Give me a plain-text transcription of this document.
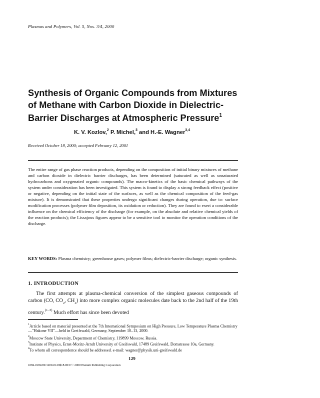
Plasmas and Polymers, Vol. 5, Nos. 3/4, 2000
Synthesis of Organic Compounds from Mixtures of Methane with Carbon Dioxide in Dielectric-Barrier Discharges at Atmospheric Pressure$^1$
K. V. Kozlov,$^2$ P. Michel,$^3$ and H.-E. Wagner$^{3,4}$
Received October 18, 2000; accepted February 12, 2001
The entire range of gas phase reaction products, depending on the composition of initial binary mixtures of methane and carbon dioxide in dielectric barrier discharges, has been determined (saturated as well as unsaturated hydrocarbons and oxygenated organic compounds). The macro-kinetics of the basic chemical pathways of the system under consideration has been investigated. This system is found to display a strong feedback effect (positive or negative, depending on the initial state of the surfaces, as well as the chemical composition of the feed-gas mixture). It is demonstrated that these properties undergo significant changes during operation, due to: surface modification processes (polymer film deposition, its oxidation or reduction). They are found to exert a considerable influence on the chemical efficiency of the discharge (for example, on the absolute and relative chemical yields of the reaction products); the Lissajous figures appear to be a sensitive tool to monitor the operation conditions of the discharge.
KEY WORDS: Plasma chemistry; greenhouse gases; polymer films; dielectric-barrier discharge; organic synthesis.
1. INTRODUCTION
The first attempts at plasma-chemical conversion of the simplest gaseous compounds of carbon (CO, $CO_2$, $CH_4$) into more complex organic molecules date back to the 2nd half of the 19th century.$^{(1-3)}$ Much effort has since been devoted

$^1$Article based on material presented at the 7th International Symposium on High Pressure, Low Temperature Plasma Chemistry—"Hakone VII"—held in Greifswald, Germany, September 10–13, 2000.

$^2$Moscow State University, Department of Chemistry, 119899 Moscow, Russia.

$^3$Institute of Physics, Ernst-Moritz-Arndt University of Greifswald, 17489 Greifswald, Domstrasse 10a, Germany.

$^4$To whom all correspondence should be addressed. e-mail: wagner@physik.uni-greifswald.de

129
1084-0184/00/1200-0129$18.00/0 © 2000 Plenum Publishing Corporation
